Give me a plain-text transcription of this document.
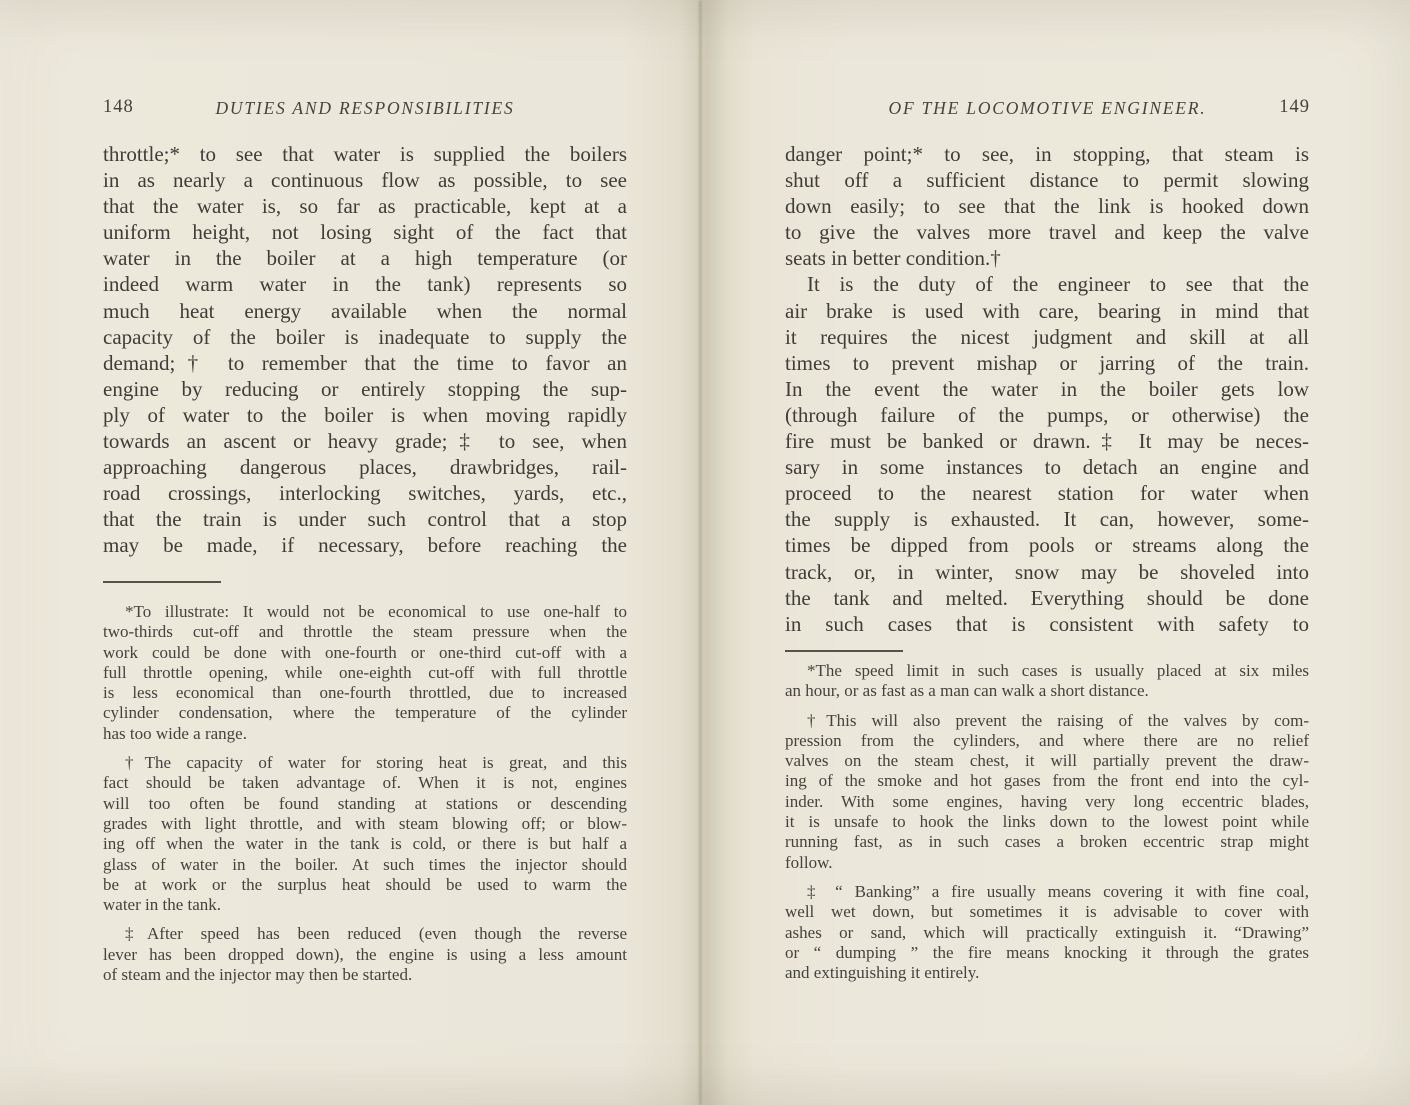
148	DUTIES AND RESPONSIBILITIES
throttle;* to see that water is supplied the boilers
in as nearly a continuous flow as possible, to see
that the water is, so far as practicable, kept at a
uniform height, not losing sight of the fact that
water in the boiler at a high temperature (or
indeed warm water in the tank) represents so
much heat energy available when the normal
capacity of the boiler is inadequate to supply the
demand;† to remember that the time to favor an
engine by reducing or entirely stopping the sup-
ply of water to the boiler is when moving rapidly
towards an ascent or heavy grade;‡ to see, when
approaching dangerous places, drawbridges, rail-
road crossings, interlocking switches, yards, etc.,
that the train is under such control that a stop
may be made, if necessary, before reaching the
*To illustrate: It would not be economical to use one-half to
two-thirds cut-off and throttle the steam pressure when the
work could be done with one-fourth or one-third cut-off with a
full throttle opening, while one-eighth cut-off with full throttle
is less economical than one-fourth throttled, due to increased
cylinder condensation, where the temperature of the cylinder
has too wide a range.
†The capacity of water for storing heat is great, and this
fact should be taken advantage of. When it is not, engines
will too often be found standing at stations or descending
grades with light throttle, and with steam blowing off; or blow-
ing off when the water in the tank is cold, or there is but half a
glass of water in the boiler. At such times the injector should
be at work or the surplus heat should be used to warm the
water in the tank.
‡After speed has been reduced (even though the reverse
lever has been dropped down), the engine is using a less amount
of steam and the injector may then be started.
OF THE LOCOMOTIVE ENGINEER.	149
danger point;* to see, in stopping, that steam is
shut off a sufficient distance to permit slowing
down easily; to see that the link is hooked down
to give the valves more travel and keep the valve
seats in better condition.†
It is the duty of the engineer to see that the
air brake is used with care, bearing in mind that
it requires the nicest judgment and skill at all
times to prevent mishap or jarring of the train.
In the event the water in the boiler gets low
(through failure of the pumps, or otherwise) the
fire must be banked or drawn.‡ It may be neces-
sary in some instances to detach an engine and
proceed to the nearest station for water when
the supply is exhausted. It can, however, some-
times be dipped from pools or streams along the
track, or, in winter, snow may be shoveled into
the tank and melted. Everything should be done
in such cases that is consistent with safety to
*The speed limit in such cases is usually placed at six miles
an hour, or as fast as a man can walk a short distance.
†This will also prevent the raising of the valves by com-
pression from the cylinders, and where there are no relief
valves on the steam chest, it will partially prevent the draw-
ing of the smoke and hot gases from the front end into the cyl-
inder. With some engines, having very long eccentric blades,
it is unsafe to hook the links down to the lowest point while
running fast, as in such cases a broken eccentric strap might
follow.
‡ “ Banking” a fire usually means covering it with fine coal,
well wet down, but sometimes it is advisable to cover with
ashes or sand, which will practically extinguish it. “Drawing”
or “ dumping ” the fire means knocking it through the grates
and extinguishing it entirely.
